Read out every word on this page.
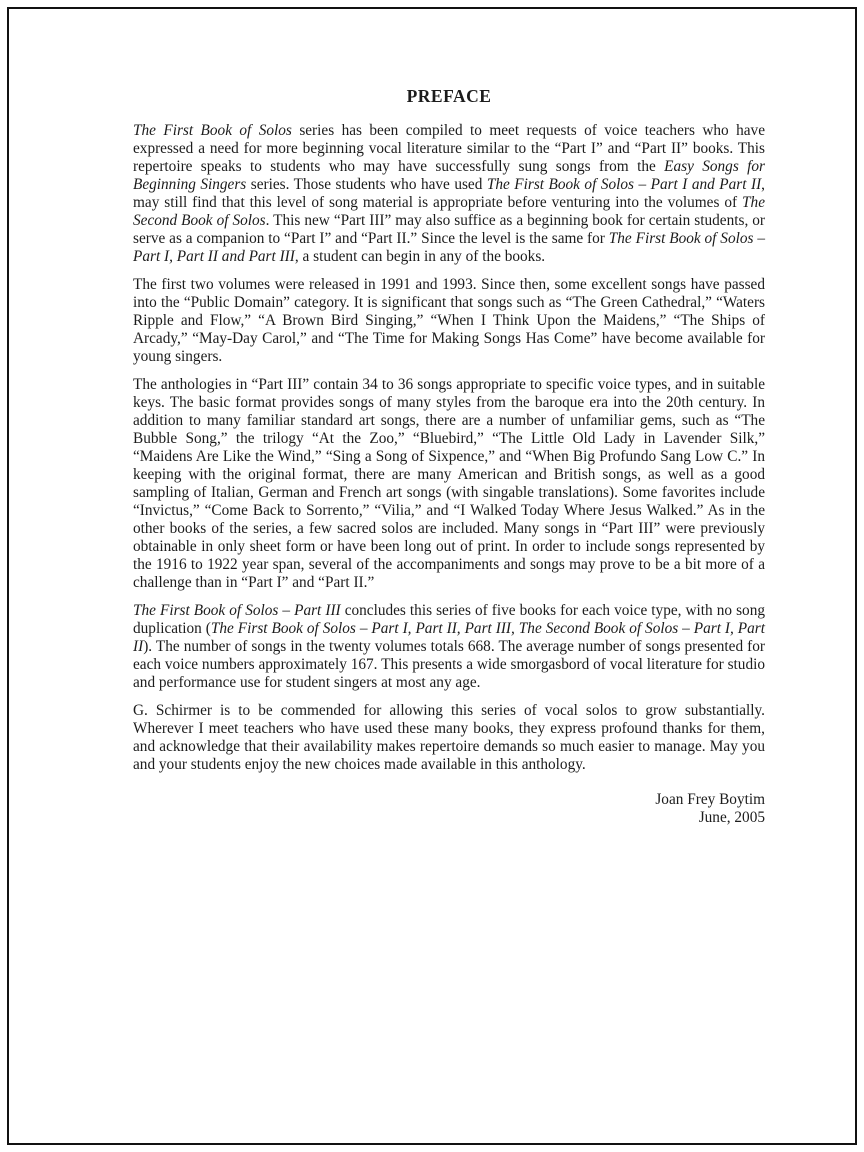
PREFACE

The First Book of Solos series has been compiled to meet requests of voice teachers who have expressed a need for more beginning vocal literature similar to the “Part I” and “Part II” books. This repertoire speaks to students who may have successfully sung songs from the Easy Songs for Beginning Singers series. Those students who have used The First Book of Solos – Part I and Part II, may still find that this level of song material is appropriate before venturing into the volumes of The Second Book of Solos. This new “Part III” may also suffice as a beginning book for certain students, or serve as a companion to “Part I” and “Part II.” Since the level is the same for The First Book of Solos – Part I, Part II and Part III, a student can begin in any of the books.

The first two volumes were released in 1991 and 1993. Since then, some excellent songs have passed into the “Public Domain” category. It is significant that songs such as “The Green Cathedral,” “Waters Ripple and Flow,” “A Brown Bird Singing,” “When I Think Upon the Maidens,” “The Ships of Arcady,” “May-Day Carol,” and “The Time for Making Songs Has Come” have become available for young singers.

The anthologies in “Part III” contain 34 to 36 songs appropriate to specific voice types, and in suitable keys. The basic format provides songs of many styles from the baroque era into the 20th century. In addition to many familiar standard art songs, there are a number of unfamiliar gems, such as “The Bubble Song,” the trilogy “At the Zoo,” “Bluebird,” “The Little Old Lady in Lavender Silk,” “Maidens Are Like the Wind,” “Sing a Song of Sixpence,” and “When Big Profundo Sang Low C.” In keeping with the original format, there are many American and British songs, as well as a good sampling of Italian, German and French art songs (with singable translations). Some favorites include “Invictus,” “Come Back to Sorrento,” “Vilia,” and “I Walked Today Where Jesus Walked.” As in the other books of the series, a few sacred solos are included. Many songs in “Part III” were previously obtainable in only sheet form or have been long out of print. In order to include songs represented by the 1916 to 1922 year span, several of the accompaniments and songs may prove to be a bit more of a challenge than in “Part I” and “Part II.”

The First Book of Solos – Part III concludes this series of five books for each voice type, with no song duplication (The First Book of Solos – Part I, Part II, Part III, The Second Book of Solos – Part I, Part II). The number of songs in the twenty volumes totals 668. The average number of songs presented for each voice numbers approximately 167. This presents a wide smorgasbord of vocal literature for studio and performance use for student singers at most any age.

G. Schirmer is to be commended for allowing this series of vocal solos to grow substantially. Wherever I meet teachers who have used these many books, they express profound thanks for them, and acknowledge that their availability makes repertoire demands so much easier to manage. May you and your students enjoy the new choices made available in this anthology.

Joan Frey Boytim
June, 2005
